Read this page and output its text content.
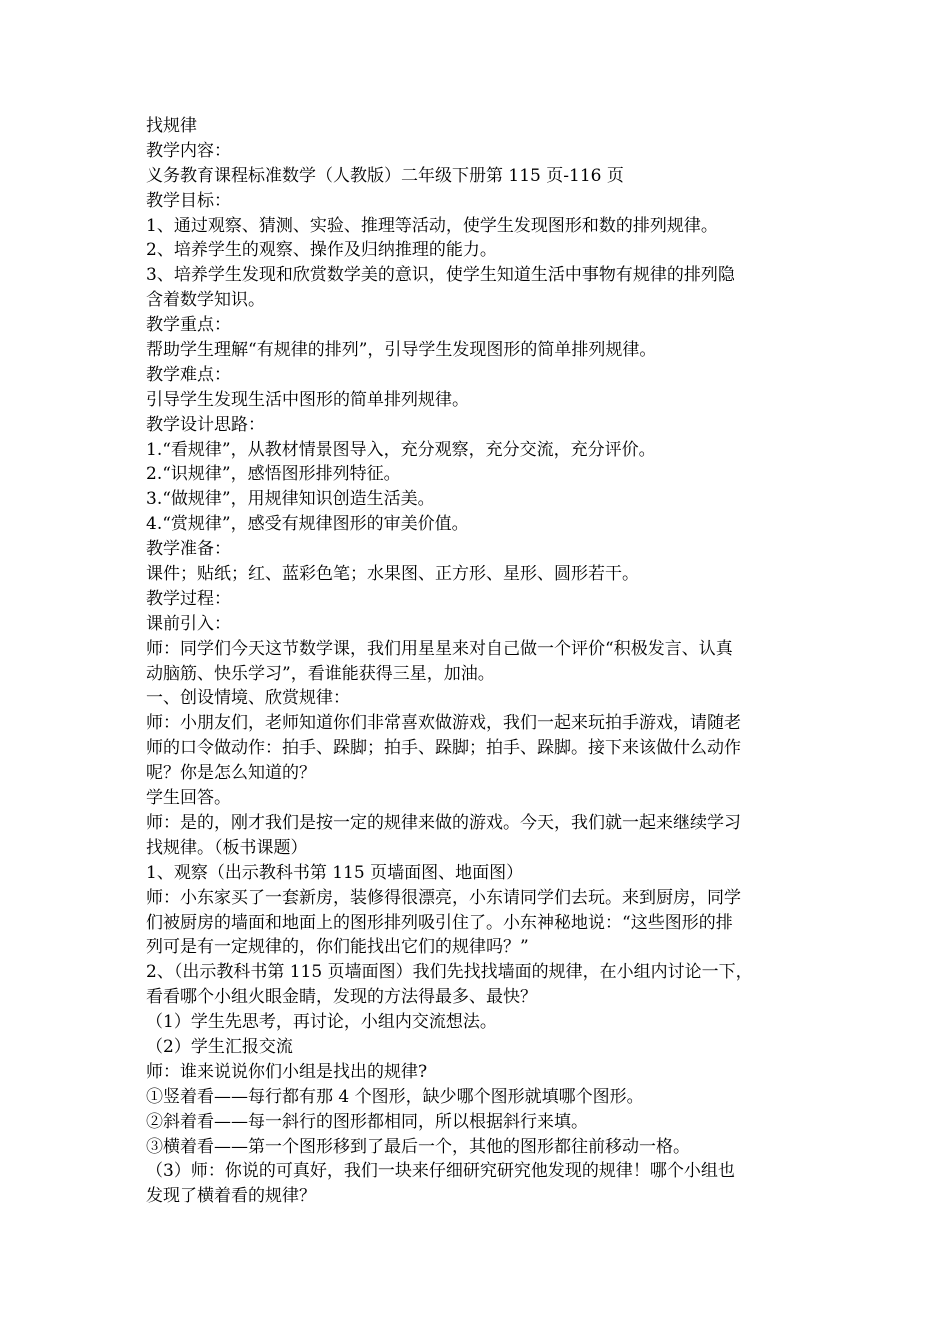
找规律
教学内容：
义务教育课程标准数学（人教版）二年级下册第 115 页-116 页
教学目标：
1、通过观察、猜测、实验、推理等活动，使学生发现图形和数的排列规律。
2、培养学生的观察、操作及归纳推理的能力。
3、培养学生发现和欣赏数学美的意识，使学生知道生活中事物有规律的排列隐
含着数学知识。
教学重点：
帮助学生理解“有规律的排列”，引导学生发现图形的简单排列规律。
教学难点：
引导学生发现生活中图形的简单排列规律。
教学设计思路：
1.“看规律”，从教材情景图导入，充分观察，充分交流，充分评价。
2.“识规律”，感悟图形排列特征。
3.“做规律”，用规律知识创造生活美。
4.“赏规律”，感受有规律图形的审美价值。
教学准备：
课件；贴纸；红、蓝彩色笔；水果图、正方形、星形、圆形若干。
教学过程：
课前引入：
师：同学们今天这节数学课，我们用星星来对自己做一个评价“积极发言、认真
动脑筋、快乐学习”，看谁能获得三星，加油。
一、创设情境、欣赏规律：
师：小朋友们，老师知道你们非常喜欢做游戏，我们一起来玩拍手游戏，请随老
师的口令做动作：拍手、跺脚；拍手、跺脚；拍手、跺脚。接下来该做什么动作
呢？你是怎么知道的？
学生回答。
师：是的，刚才我们是按一定的规律来做的游戏。今天，我们就一起来继续学习
找规律。（板书课题）
1、观察（出示教科书第 115 页墙面图、地面图）
师：小东家买了一套新房，装修得很漂亮，小东请同学们去玩。来到厨房，同学
们被厨房的墙面和地面上的图形排列吸引住了。小东神秘地说：“这些图形的排
列可是有一定规律的，你们能找出它们的规律吗？”
2、（出示教科书第 115 页墙面图）我们先找找墙面的规律，在小组内讨论一下，
看看哪个小组火眼金睛，发现的方法得最多、最快？
（1）学生先思考，再讨论，小组内交流想法。
（2）学生汇报交流
师：谁来说说你们小组是找出的规律?
①竖着看——每行都有那 4 个图形，缺少哪个图形就填哪个图形。
②斜着看——每一斜行的图形都相同，所以根据斜行来填。
③横着看——第一个图形移到了最后一个，其他的图形都往前移动一格。
（3）师：你说的可真好，我们一块来仔细研究研究他发现的规律！哪个小组也
发现了横着看的规律？
